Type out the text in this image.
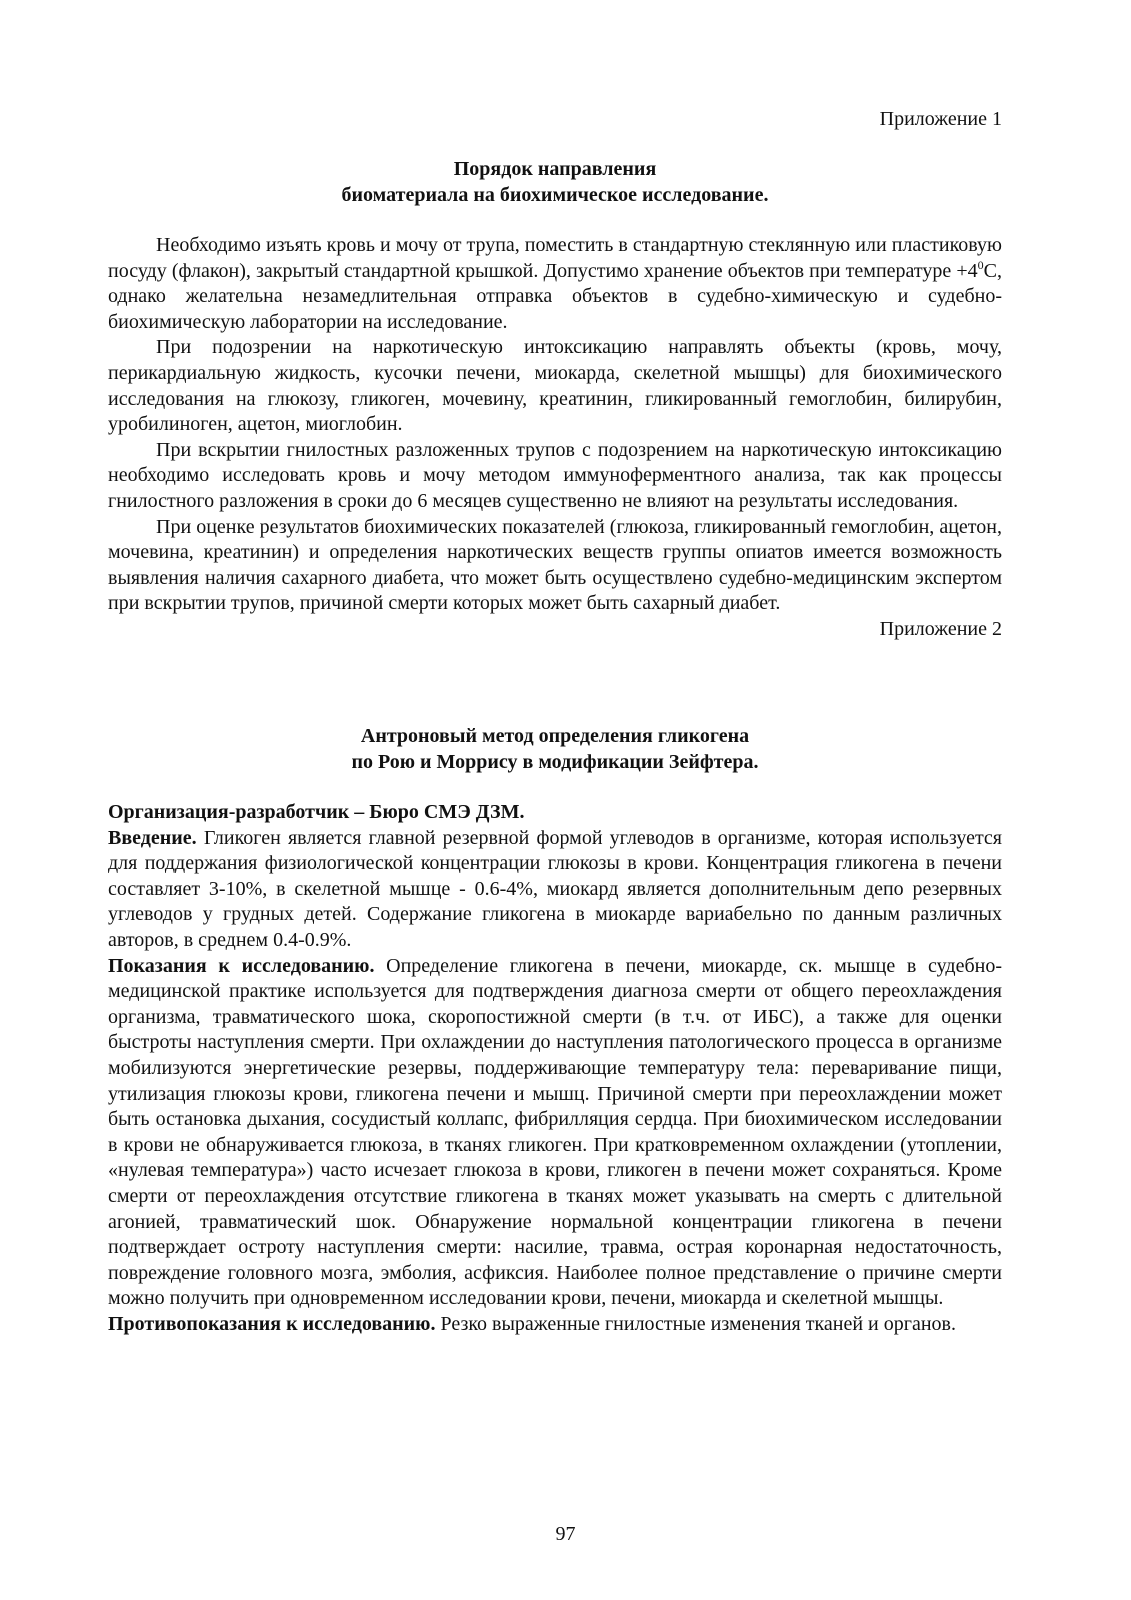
Приложение 1
Порядок направления
биоматериала на биохимическое исследование.

Необходимо изъять кровь и мочу от трупа, поместить в стандартную стеклянную или пластиковую посуду (флакон), закрытый стандартной крышкой. Допустимо хранение объектов при температуре $+4^0С$, однако желательна незамедлительная отправка объектов в судебно-химическую и судебно-биохимическую лаборатории на исследование.

При подозрении на наркотическую интоксикацию направлять объекты (кровь, мочу, перикардиальную жидкость, кусочки печени, миокарда, скелетной мышцы) для биохимического исследования на глюкозу, гликоген, мочевину, креатинин, гликированный гемоглобин, билирубин, уробилиноген, ацетон, миоглобин.

При вскрытии гнилостных разложенных трупов с подозрением на наркотическую интоксикацию необходимо исследовать кровь и мочу методом иммуноферментного анализа, так как процессы гнилостного разложения в сроки до 6 месяцев существенно не влияют на результаты исследования.

При оценке результатов биохимических показателей (глюкоза, гликированный гемоглобин, ацетон, мочевина, креатинин) и определения наркотических веществ группы опиатов имеется возможность выявления наличия сахарного диабета, что может быть осуществлено судебно-медицинским экспертом при вскрытии трупов, причиной смерти которых может быть сахарный диабет.

Приложение 2

Антроновый метод определения гликогена
по Рою и Моррису в модификации Зейфтера.

Организация-разработчик – Бюро СМЭ ДЗМ.

Введение. Гликоген является главной резервной формой углеводов в организме, которая используется для поддержания физиологической концентрации глюкозы в крови. Концентрация гликогена в печени составляет 3-10%, в скелетной мышце - 0.6-4%, миокард является дополнительным депо резервных углеводов у грудных детей. Содержание гликогена в миокарде вариабельно по данным различных авторов, в среднем 0.4-0.9%.

Показания к исследованию. Определение гликогена в печени, миокарде, ск. мышце в судебно-медицинской практике используется для подтверждения диагноза смерти от общего переохлаждения организма, травматического шока, скоропостижной смерти (в т.ч. от ИБС), а также для оценки быстроты наступления смерти. При охлаждении до наступления патологического процесса в организме мобилизуются энергетические резервы, поддерживающие температуру тела: переваривание пищи, утилизация глюкозы крови, гликогена печени и мышц. Причиной смерти при переохлаждении может быть остановка дыхания, сосудистый коллапс, фибрилляция сердца. При биохимическом исследовании в крови не обнаруживается глюкоза, в тканях гликоген. При кратковременном охлаждении (утоплении, «нулевая температура») часто исчезает глюкоза в крови, гликоген в печени может сохраняться. Кроме смерти от переохлаждения отсутствие гликогена в тканях может указывать на смерть с длительной агонией, травматический шок. Обнаружение нормальной концентрации гликогена в печени подтверждает остроту наступления смерти: насилие, травма, острая коронарная недостаточность, повреждение головного мозга, эмболия, асфиксия. Наиболее полное представление о причине смерти можно получить при одновременном исследовании крови, печени, миокарда и скелетной мышцы.

Противопоказания к исследованию. Резко выраженные гнилостные изменения тканей и органов.

97
